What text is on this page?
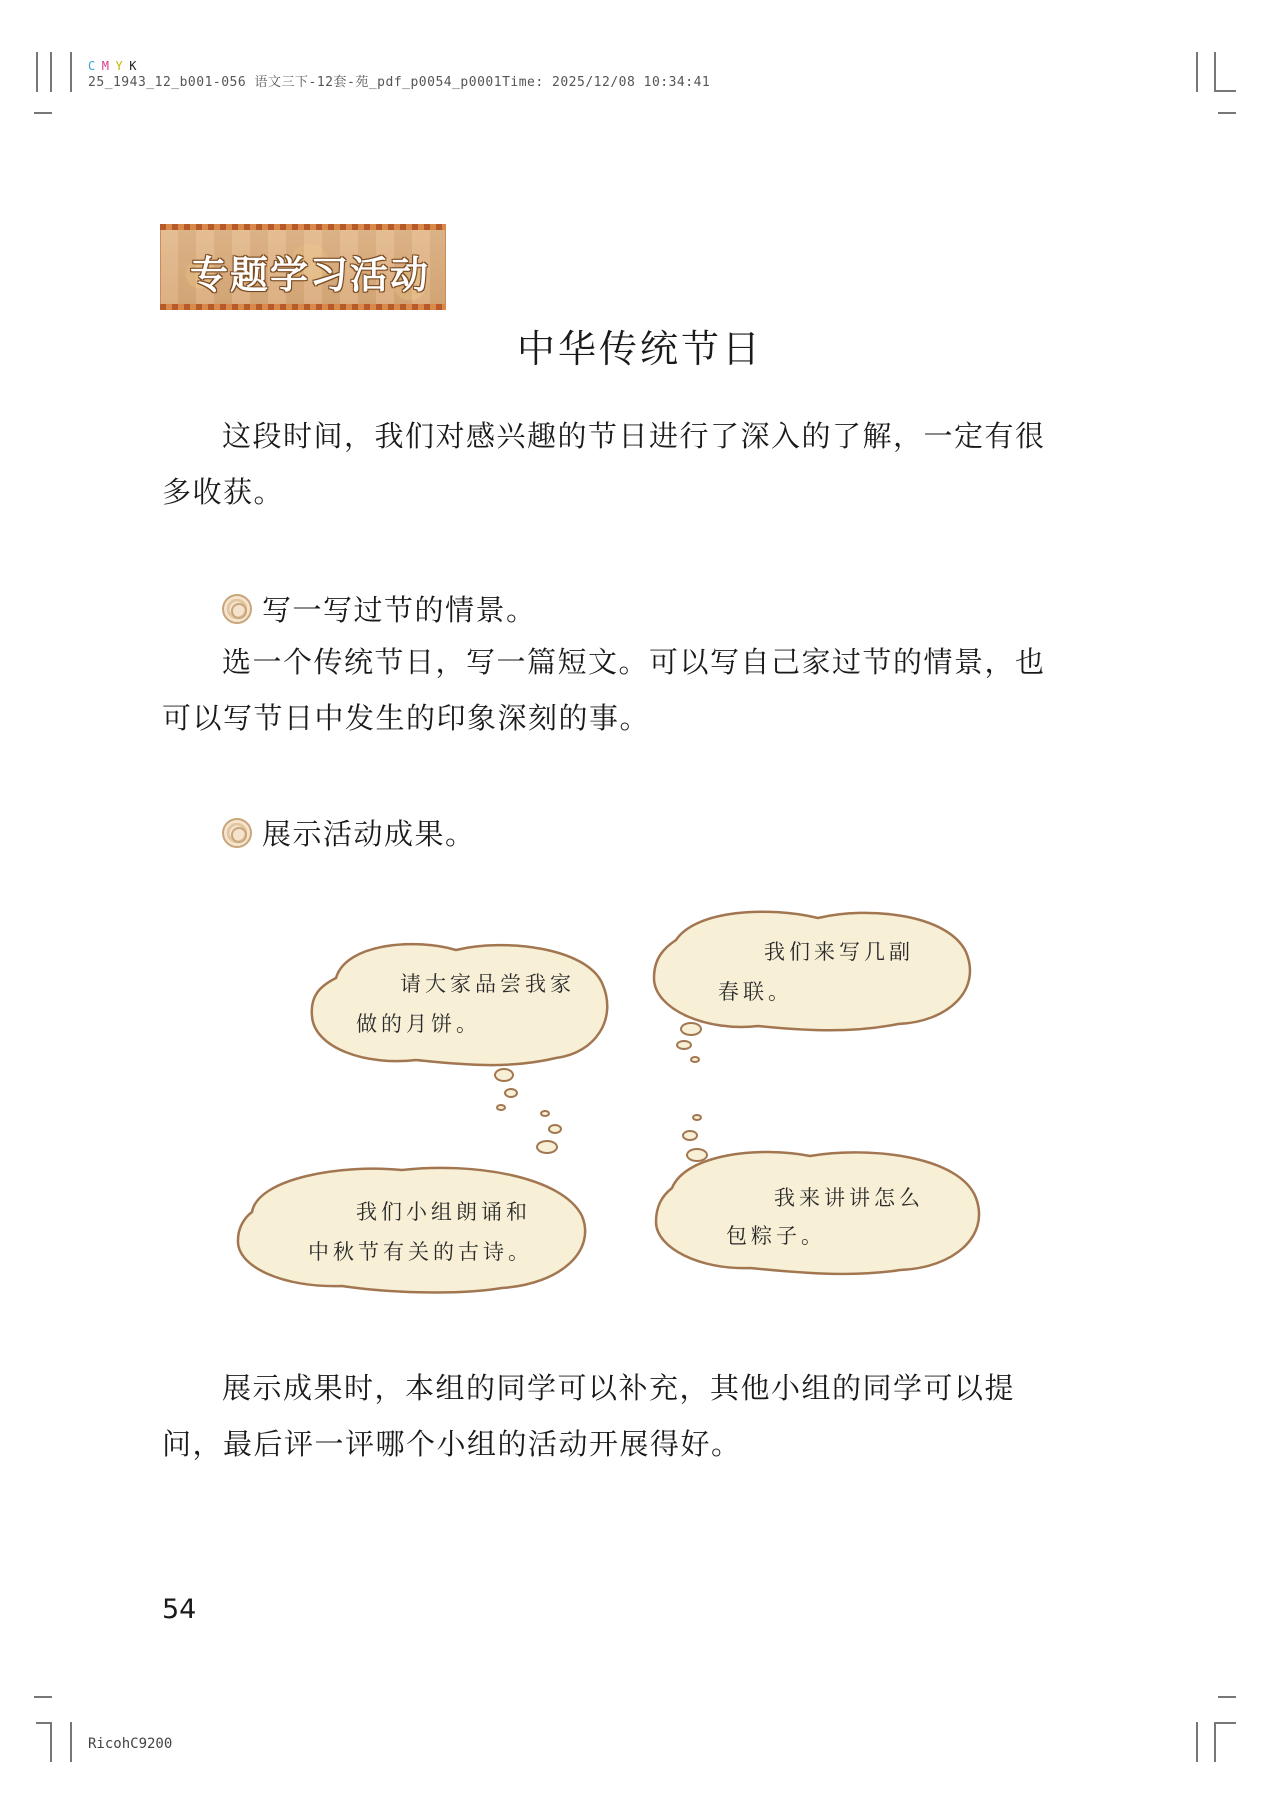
C M Y K
25_1943_12_b001-056 语文三下-12套-苑_pdf_p0054_p0001Time: 2025/12/08 10:34:41
专题学习活动
中华传统节日

这段时间，我们对感兴趣的节日进行了深入的了解，一定有很多收获。

写一写过节的情景。

选一个传统节日，写一篇短文。可以写自己家过节的情景，也可以写节日中发生的印象深刻的事。

展示活动成果。
请大家品尝我家
做的月饼。
我们来写几副
春联。
我们小组朗诵和
中秋节有关的古诗。
我来讲讲怎么
包粽子。

展示成果时，本组的同学可以补充，其他小组的同学可以提问，最后评一评哪个小组的活动开展得好。

54
RicohC9200
